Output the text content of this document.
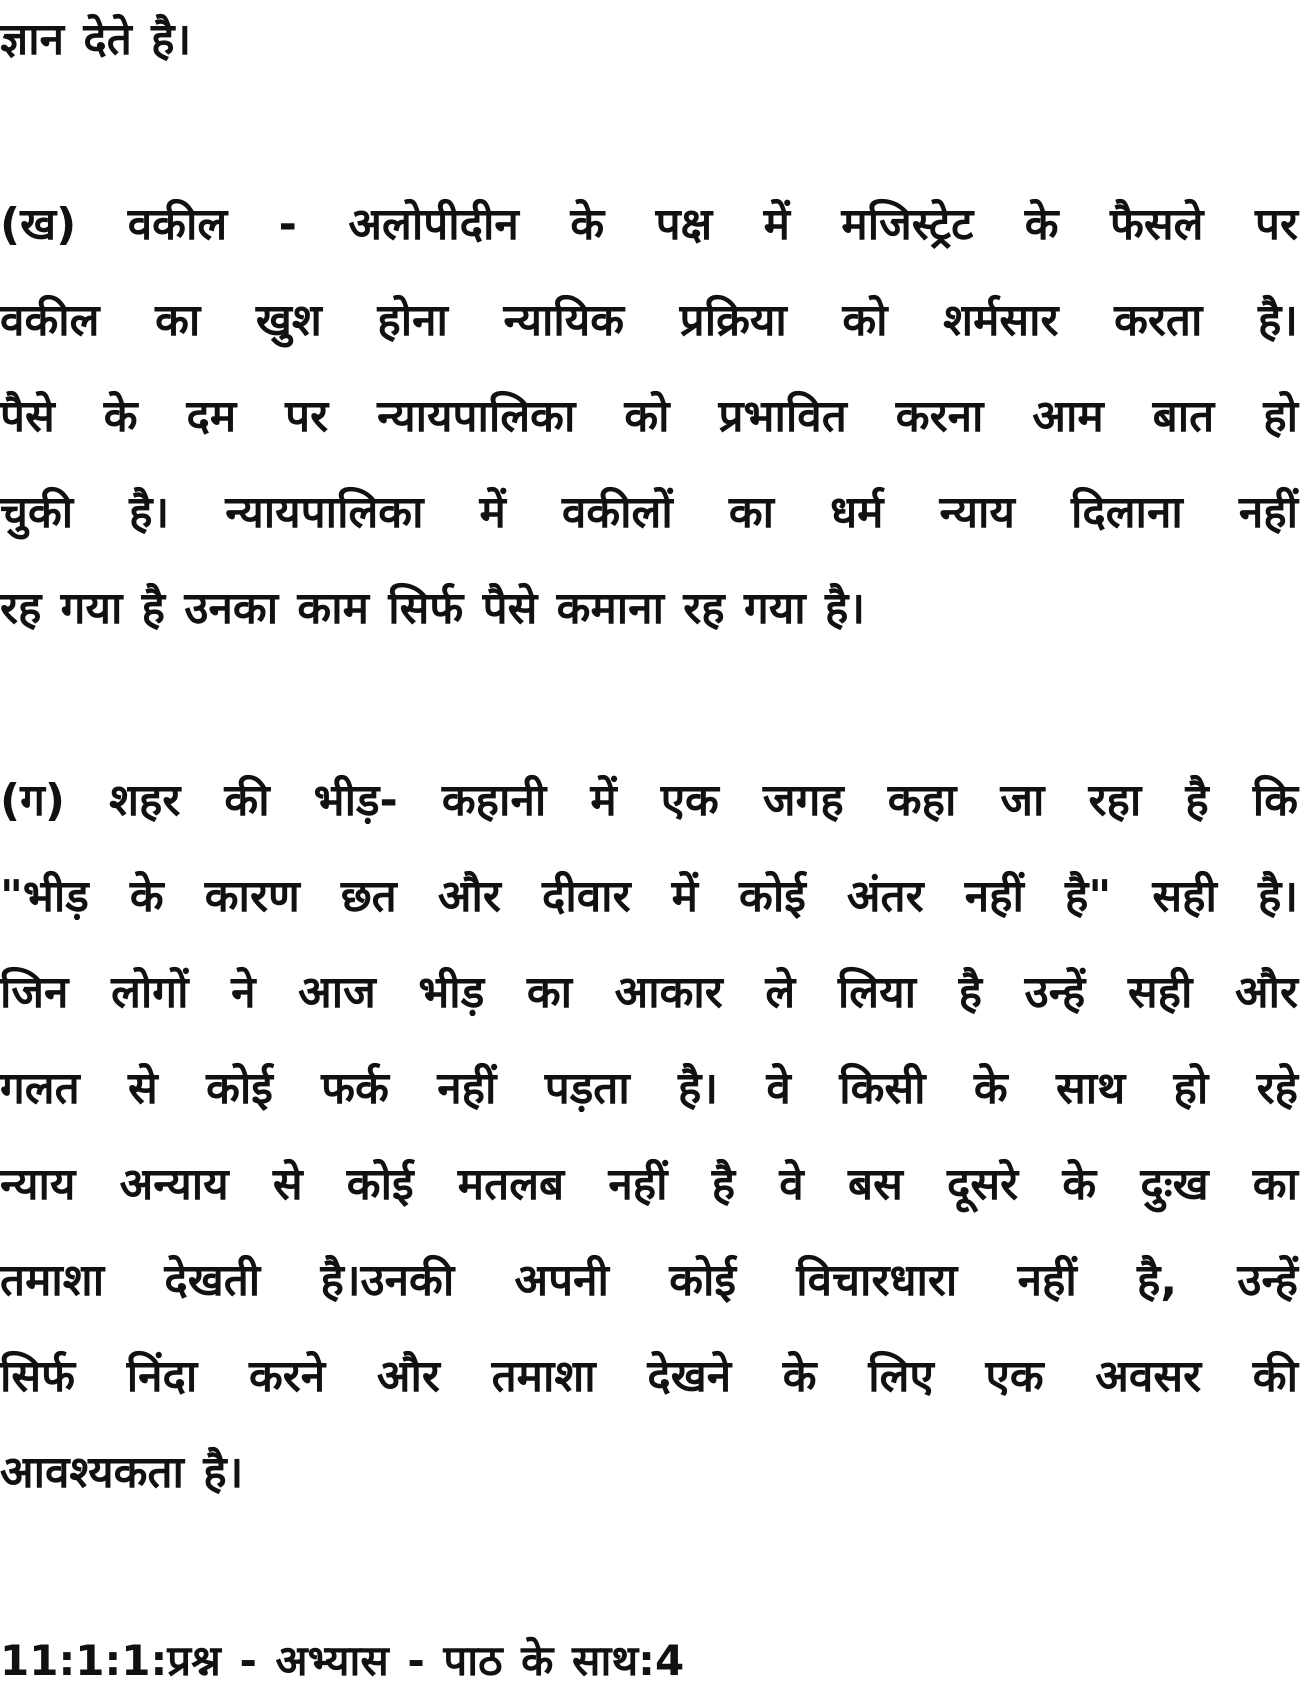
ज्ञान देते है।

(ख) वकील - अलोपीदीन के पक्ष में मजिस्ट्रेट के फैसले पर
वकील का खुश होना न्यायिक प्रक्रिया को शर्मसार करता है।
पैसे के दम पर न्यायपालिका को प्रभावित करना आम बात हो
चुकी है। न्यायपालिका में वकीलों का धर्म न्याय दिलाना नहीं
रह गया है उनका काम सिर्फ पैसे कमाना रह गया है।

(ग) शहर की भीड़- कहानी में एक जगह कहा जा रहा है कि
"भीड़ के कारण छत और दीवार में कोई अंतर नहीं है" सही है।
जिन लोगों ने आज भीड़ का आकार ले लिया है उन्हें सही और
गलत से कोई फर्क नहीं पड़ता है। वे किसी के साथ हो रहे
न्याय अन्याय से कोई मतलब नहीं है वे बस दूसरे के दुःख का
तमाशा देखती है।उनकी अपनी कोई विचारधारा नहीं है, उन्हें
सिर्फ निंदा करने और तमाशा देखने के लिए एक अवसर की
आवश्यकता है।

11:1:1:प्रश्न - अभ्यास - पाठ के साथ:4
